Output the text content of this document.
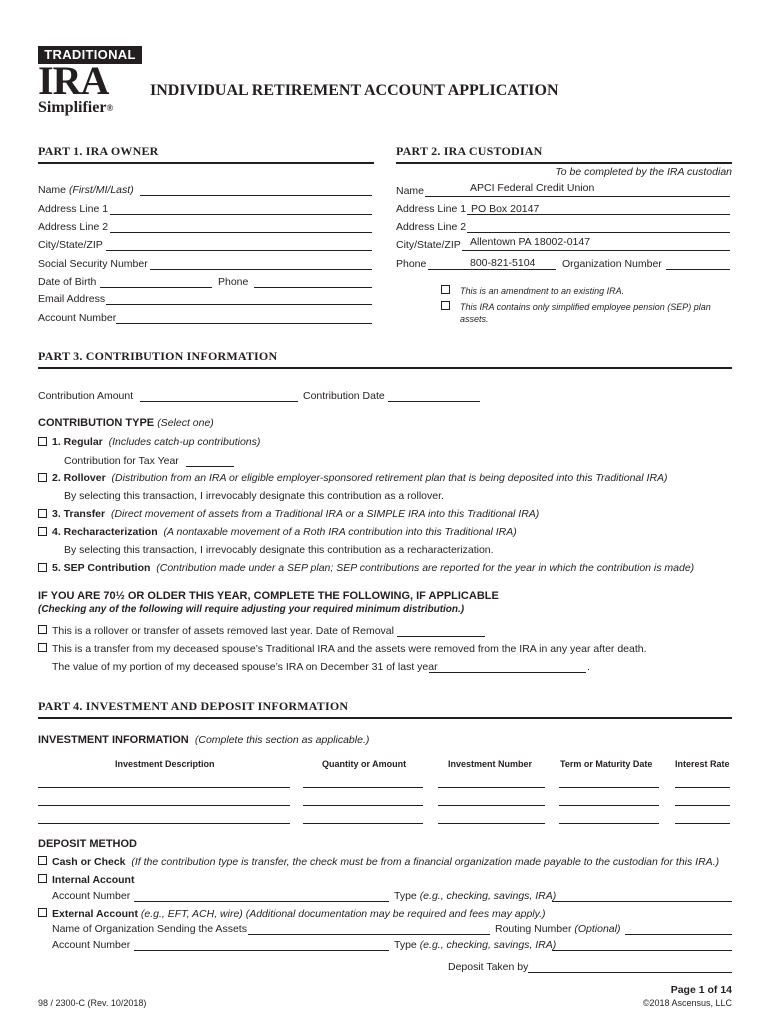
TRADITIONAL
IRA
Simplifier®
INDIVIDUAL RETIREMENT ACCOUNT APPLICATION
PART 1. IRA OWNER
Name (First/MI/Last)
Address Line 1
Address Line 2
City/State/ZIP
Social Security Number
Date of Birth	Phone
Email Address
Account Number
PART 2. IRA CUSTODIAN
To be completed by the IRA custodian
Name	APCI Federal Credit Union
Address Line 1 PO Box 20147
Address Line 2
City/State/ZIP Allentown PA 18002-0147
Phone	800-821-5104	Organization Number
This is an amendment to an existing IRA.
This IRA contains only simplified employee pension (SEP) plan
assets.
PART 3. CONTRIBUTION INFORMATION
Contribution Amount	Contribution Date
CONTRIBUTION TYPE (Select one)
1. Regular (Includes catch-up contributions)
Contribution for Tax Year
2. Rollover (Distribution from an IRA or eligible employer-sponsored retirement plan that is being deposited into this Traditional IRA)
By selecting this transaction, I irrevocably designate this contribution as a rollover.
3. Transfer (Direct movement of assets from a Traditional IRA or a SIMPLE IRA into this Traditional IRA)
4. Recharacterization (A nontaxable movement of a Roth IRA contribution into this Traditional IRA)
By selecting this transaction, I irrevocably designate this contribution as a recharacterization.
5. SEP Contribution (Contribution made under a SEP plan; SEP contributions are reported for the year in which the contribution is made)
IF YOU ARE 70½ OR OLDER THIS YEAR, COMPLETE THE FOLLOWING, IF APPLICABLE
(Checking any of the following will require adjusting your required minimum distribution.)
This is a rollover or transfer of assets removed last year. Date of Removal
This is a transfer from my deceased spouse’s Traditional IRA and the assets were removed from the IRA in any year after death.
The value of my portion of my deceased spouse’s IRA on December 31 of last year	.
PART 4. INVESTMENT AND DEPOSIT INFORMATION
INVESTMENT INFORMATION (Complete this section as applicable.)
Investment Description	Quantity or Amount	Investment Number	Term or Maturity Date	Interest Rate
DEPOSIT METHOD
Cash or Check (If the contribution type is transfer, the check must be from a financial organization made payable to the custodian for this IRA.)
Internal Account
Account Number	Type (e.g., checking, savings, IRA)
External Account (e.g., EFT, ACH, wire) (Additional documentation may be required and fees may apply.)
Name of Organization Sending the Assets	Routing Number (Optional)
Account Number	Type (e.g., checking, savings, IRA)
Deposit Taken by
Page 1 of 14
98 / 2300-C (Rev. 10/2018)	©2018 Ascensus, LLC
